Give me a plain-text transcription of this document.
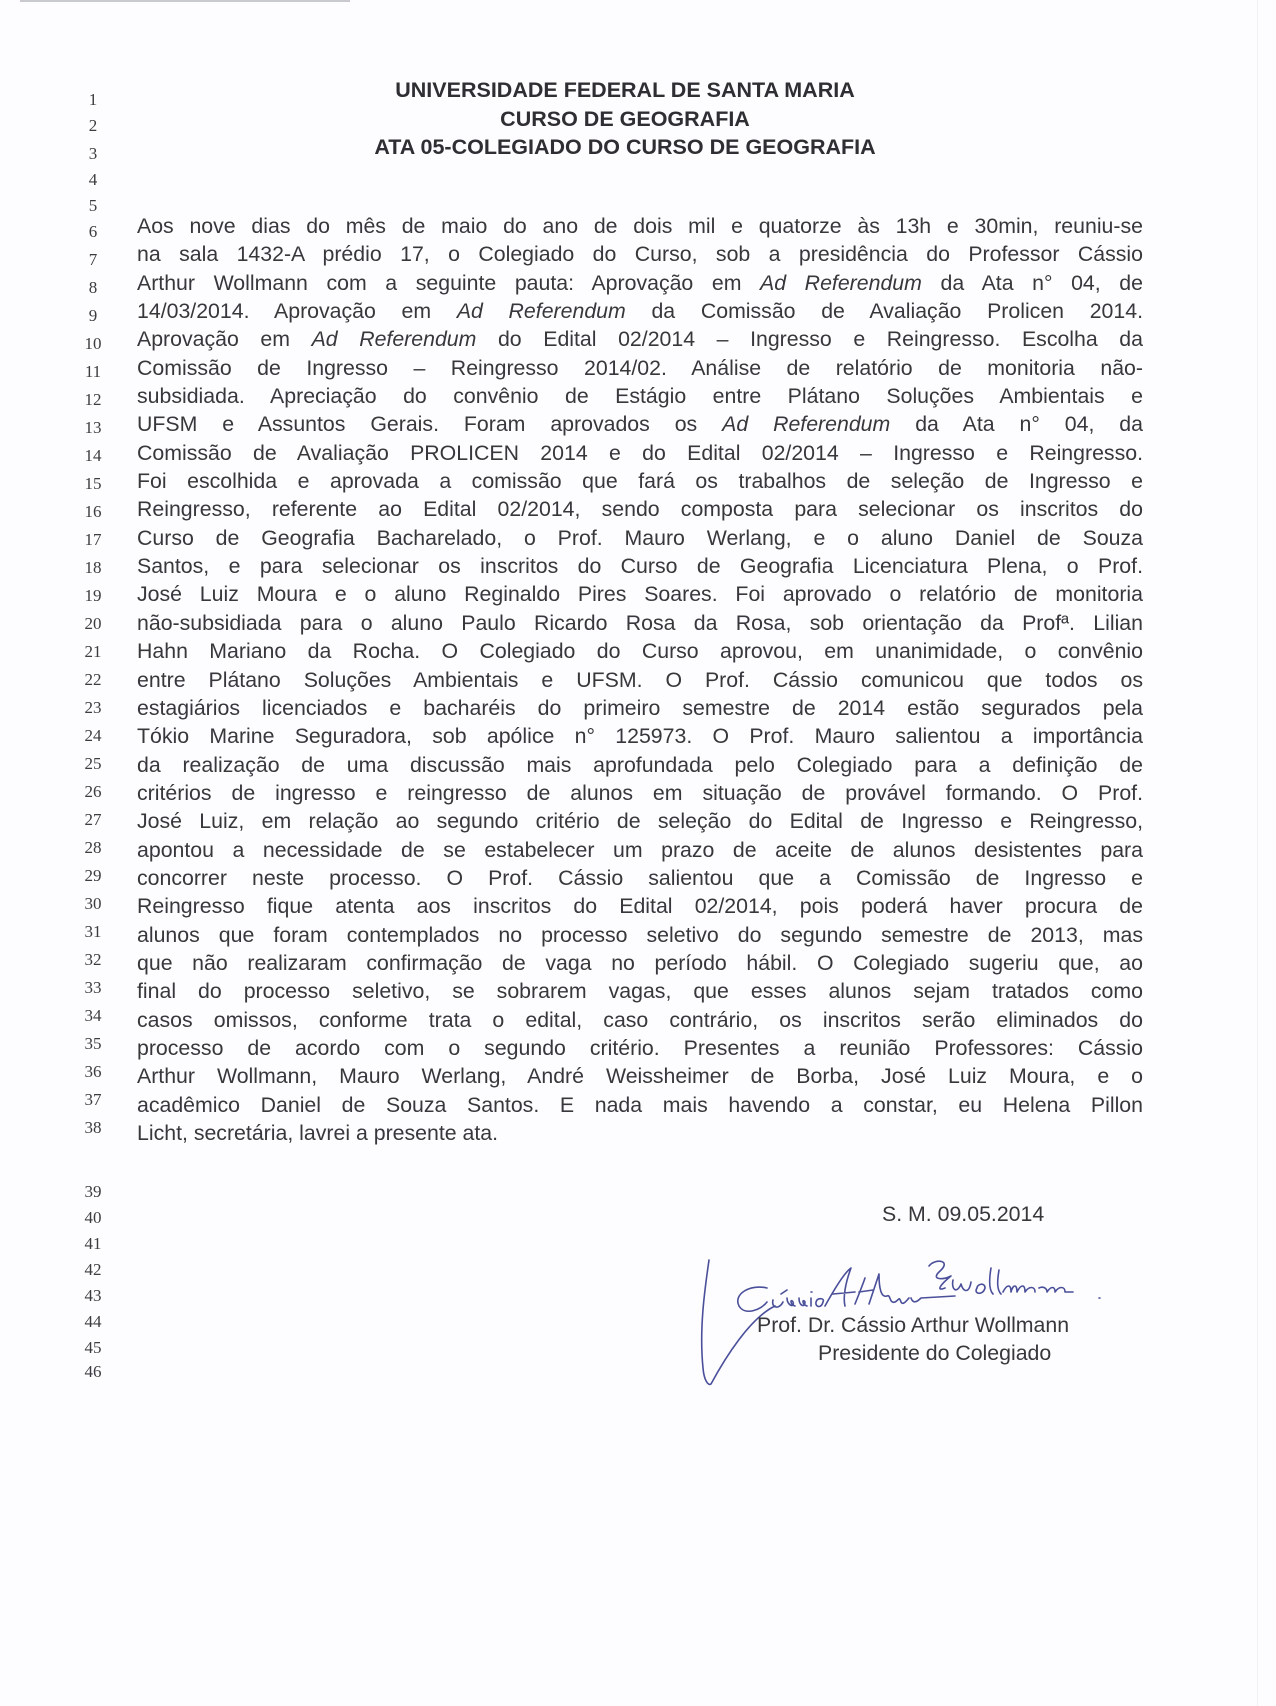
1
2
3
4
5
6
7
8
9
10
11
12
13
14
15
16
17
18
19
20
21
22
23
24
25
26
27
28
29
30
31
32
33
34
35
36
37
38
39
40
41
42
43
44
45
46
UNIVERSIDADE FEDERAL DE SANTA MARIA
CURSO DE GEOGRAFIA
ATA 05-COLEGIADO DO CURSO DE GEOGRAFIA
Aos nove dias do mês de maio do ano de dois mil e quatorze às 13h e 30min, reuniu-se
na sala 1432-A prédio 17, o Colegiado do Curso, sob a presidência do Professor Cássio
Arthur Wollmann com a seguinte pauta: Aprovação em Ad Referendum da Ata n° 04, de
14/03/2014. Aprovação em Ad Referendum da Comissão de Avaliação Prolicen 2014.
Aprovação em Ad Referendum do Edital 02/2014 – Ingresso e Reingresso. Escolha da
Comissão de Ingresso – Reingresso 2014/02. Análise de relatório de monitoria não-
subsidiada. Apreciação do convênio de Estágio entre Plátano Soluções Ambientais e
UFSM e Assuntos Gerais. Foram aprovados os Ad Referendum da Ata n° 04, da
Comissão de Avaliação PROLICEN 2014 e do Edital 02/2014 – Ingresso e Reingresso.
Foi escolhida e aprovada a comissão que fará os trabalhos de seleção de Ingresso e
Reingresso, referente ao Edital 02/2014, sendo composta para selecionar os inscritos do
Curso de Geografia Bacharelado, o Prof. Mauro Werlang, e o aluno Daniel de Souza
Santos, e para selecionar os inscritos do Curso de Geografia Licenciatura Plena, o Prof.
José Luiz Moura e o aluno Reginaldo Pires Soares. Foi aprovado o relatório de monitoria
não-subsidiada para o aluno Paulo Ricardo Rosa da Rosa, sob orientação da Profª. Lilian
Hahn Mariano da Rocha. O Colegiado do Curso aprovou, em unanimidade, o convênio
entre Plátano Soluções Ambientais e UFSM. O Prof. Cássio comunicou que todos os
estagiários licenciados e bacharéis do primeiro semestre de 2014 estão segurados pela
Tókio Marine Seguradora, sob apólice n° 125973. O Prof. Mauro salientou a importância
da realização de uma discussão mais aprofundada pelo Colegiado para a definição de
critérios de ingresso e reingresso de alunos em situação de provável formando. O Prof.
José Luiz, em relação ao segundo critério de seleção do Edital de Ingresso e Reingresso,
apontou a necessidade de se estabelecer um prazo de aceite de alunos desistentes para
concorrer neste processo. O Prof. Cássio salientou que a Comissão de Ingresso e
Reingresso fique atenta aos inscritos do Edital 02/2014, pois poderá haver procura de
alunos que foram contemplados no processo seletivo do segundo semestre de 2013, mas
que não realizaram confirmação de vaga no período hábil. O Colegiado sugeriu que, ao
final do processo seletivo, se sobrarem vagas, que esses alunos sejam tratados como
casos omissos, conforme trata o edital, caso contrário, os inscritos serão eliminados do
processo de acordo com o segundo critério. Presentes a reunião Professores: Cássio
Arthur Wollmann, Mauro Werlang, André Weissheimer de Borba, José Luiz Moura, e o
acadêmico Daniel de Souza Santos. E nada mais havendo a constar, eu Helena Pillon
Licht, secretária, lavrei a presente ata.
S. M. 09.05.2014
Prof. Dr. Cássio Arthur Wollmann
Presidente do Colegiado
